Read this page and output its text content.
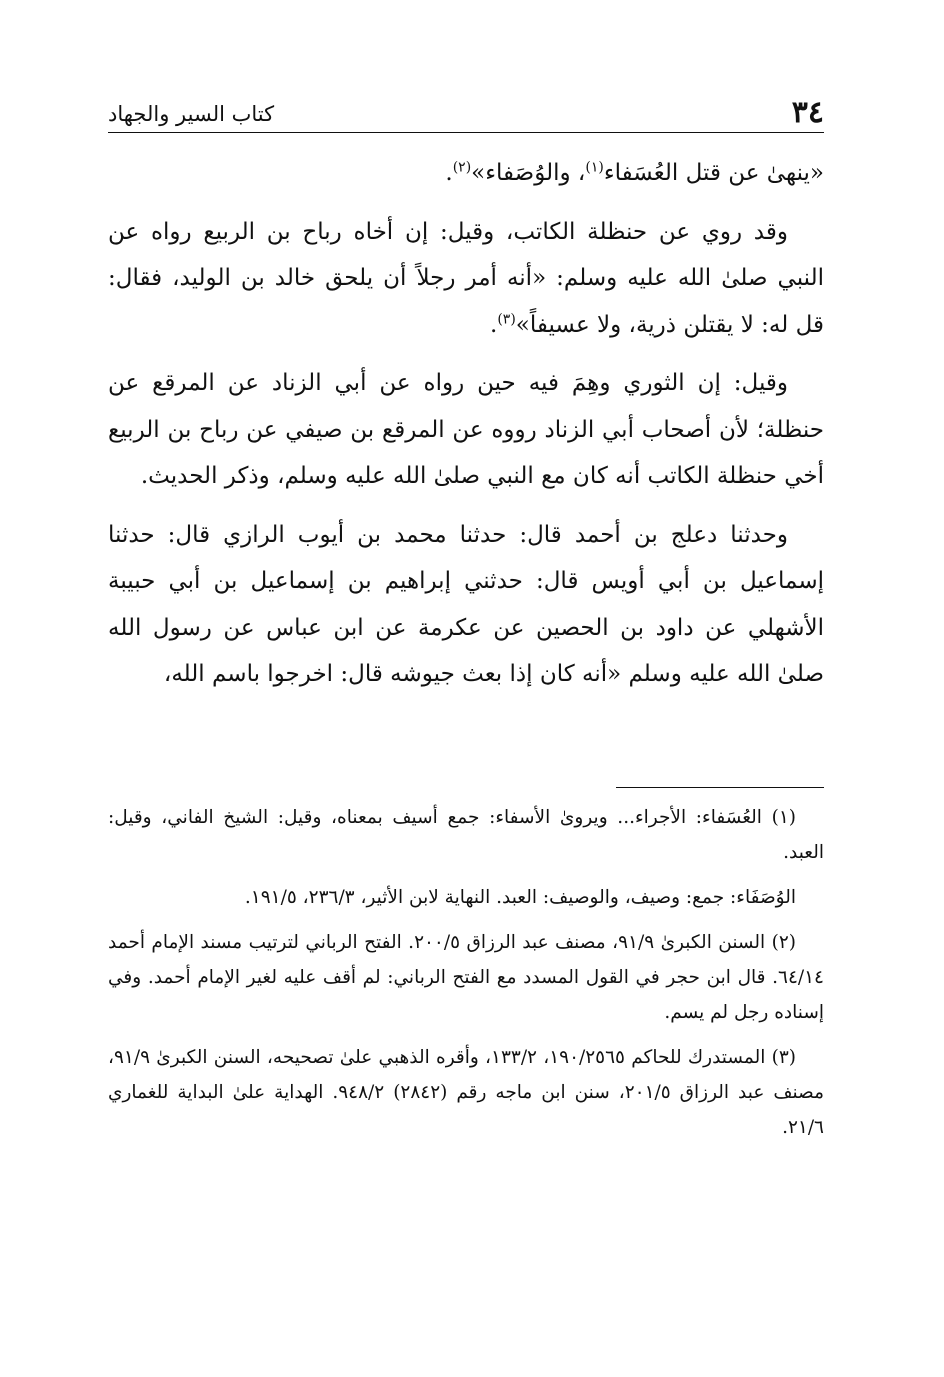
٣٤
كتاب السير والجهاد

«ينهىٰ عن قتل العُسَفاء$^{(١)}$، والوُصَفاء»$^{(٢)}$.

وقد روي عن حنظلة الكاتب، وقيل: إن أخاه رباح بن الربيع رواه عن النبي صلىٰ الله عليه وسلم: «أنه أمر رجلاً أن يلحق خالد بن الوليد، فقال: قل له: لا يقتلن ذرية، ولا عسيفاً»$^{(٣)}$.

وقيل: إن الثوري وهِمَ فيه حين رواه عن أبي الزناد عن المرقع عن حنظلة؛ لأن أصحاب أبي الزناد رووه عن المرقع بن صيفي عن رباح بن الربيع أخي حنظلة الكاتب أنه كان مع النبي صلىٰ الله عليه وسلم، وذكر الحديث.

وحدثنا دعلج بن أحمد قال: حدثنا محمد بن أيوب الرازي قال: حدثنا إسماعيل بن أبي أويس قال: حدثني إبراهيم بن إسماعيل بن أبي حبيبة الأشهلي عن داود بن الحصين عن عكرمة عن ابن عباس عن رسول الله صلىٰ الله عليه وسلم «أنه كان إذا بعث جيوشه قال: اخرجوا باسم الله،

(١) العُسَفاء: الأجراء... ويروىٰ الأسفاء: جمع أسيف بمعناه، وقيل: الشيخ الفاني، وقيل: العبد.

الوُصَفَاء: جمع: وصيف، والوصيف: العبد. النهاية لابن الأثير، ٢٣٦/٣، ١٩١/٥.

(٢) السنن الكبرىٰ ٩١/٩، مصنف عبد الرزاق ٢٠٠/٥. الفتح الرباني لترتيب مسند الإمام أحمد ٦٤/١٤. قال ابن حجر في القول المسدد مع الفتح الرباني: لم أقف عليه لغير الإمام أحمد. وفي إسناده رجل لم يسم.

(٣) المستدرك للحاكم ١٩٠/٢٥٦٥، ١٣٣/٢، وأقره الذهبي علىٰ تصحيحه، السنن الكبرىٰ ٩١/٩، مصنف عبد الرزاق ٢٠١/٥، سنن ابن ماجه رقم (٢٨٤٢) ٩٤٨/٢. الهداية علىٰ البداية للغماري ٢١/٦.
